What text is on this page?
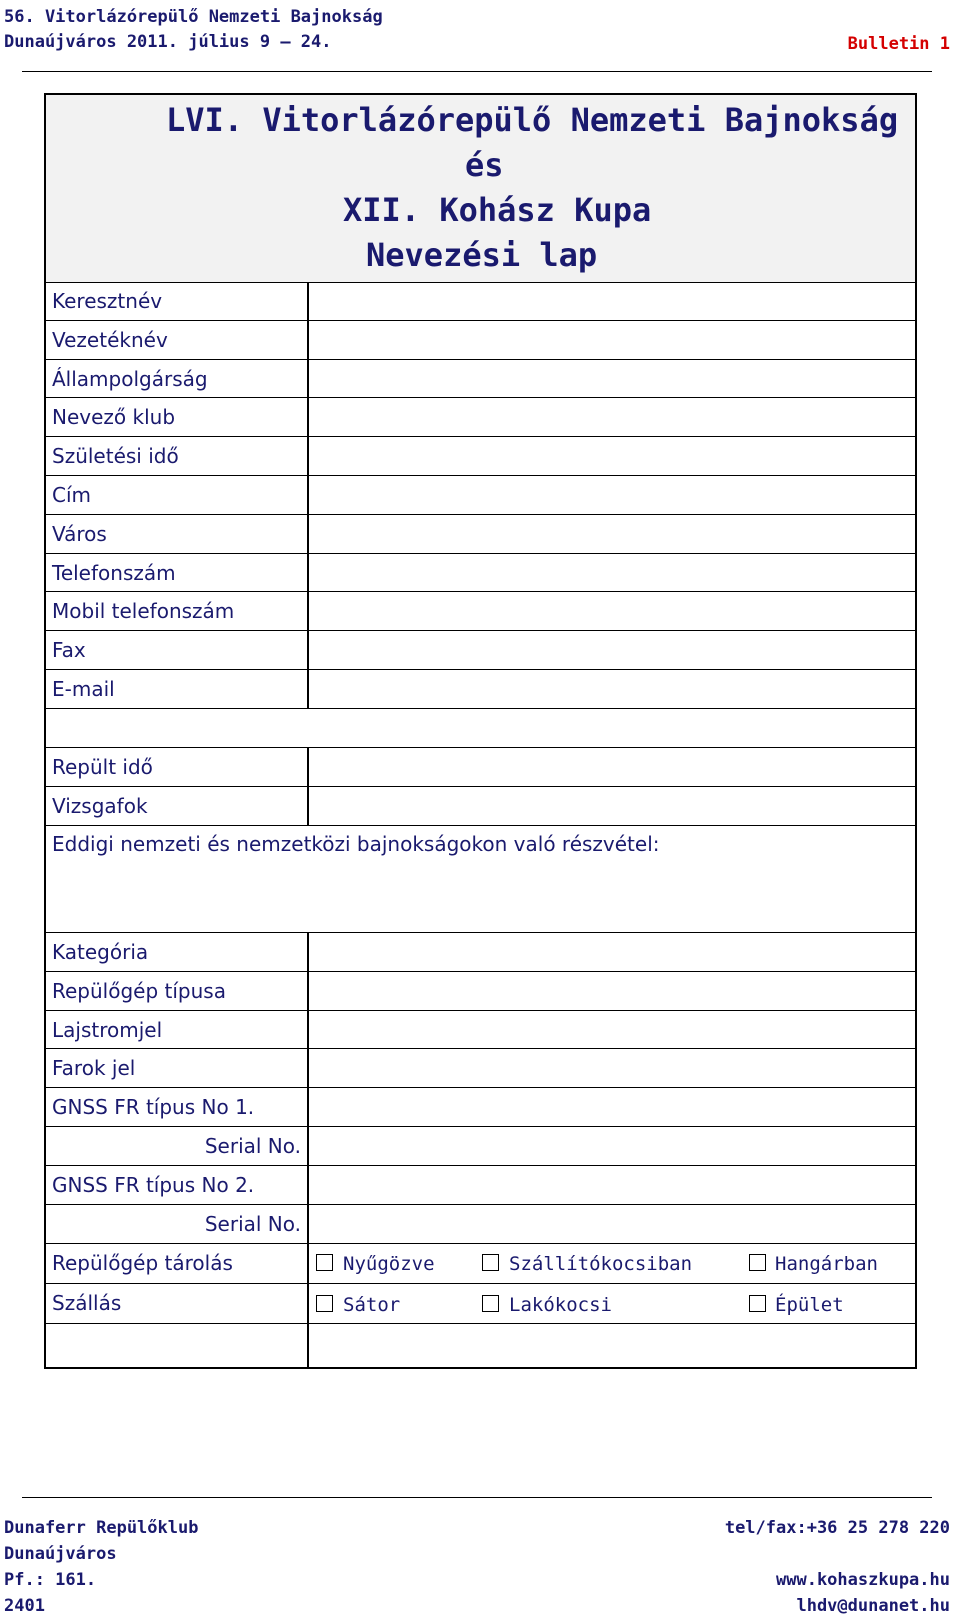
56. Vitorlázórepülő Nemzeti Bajnokság
Dunaújváros 2011. július 9 – 24.	Bulletin 1
LVI. Vitorlázórepülő Nemzeti Bajnokság
és
XII. Kohász Kupa
Nevezési lap
Keresztnév
Vezetéknév
Állampolgárság
Nevező klub
Születési idő
Cím
Város
Telefonszám
Mobil telefonszám
Fax
E-mail
Repült idő
Vizsgafok
Eddigi nemzeti és nemzetközi bajnokságokon való részvétel:
Kategória
Repülőgép típusa
Lajstromjel
Farok jel
GNSS FR típus No 1.
Serial No.
GNSS FR típus No 2.
Serial No.
Repülőgép tárolás	Nyűgözve	Szállítókocsiban	Hangárban
Szállás	Sátor	Lakókocsi	Épület
Dunaferr Repülőklub
Dunaújváros
Pf.: 161.
2401
tel/fax:+36 25 278 220
www.kohaszkupa.hu
lhdv@dunanet.hu
